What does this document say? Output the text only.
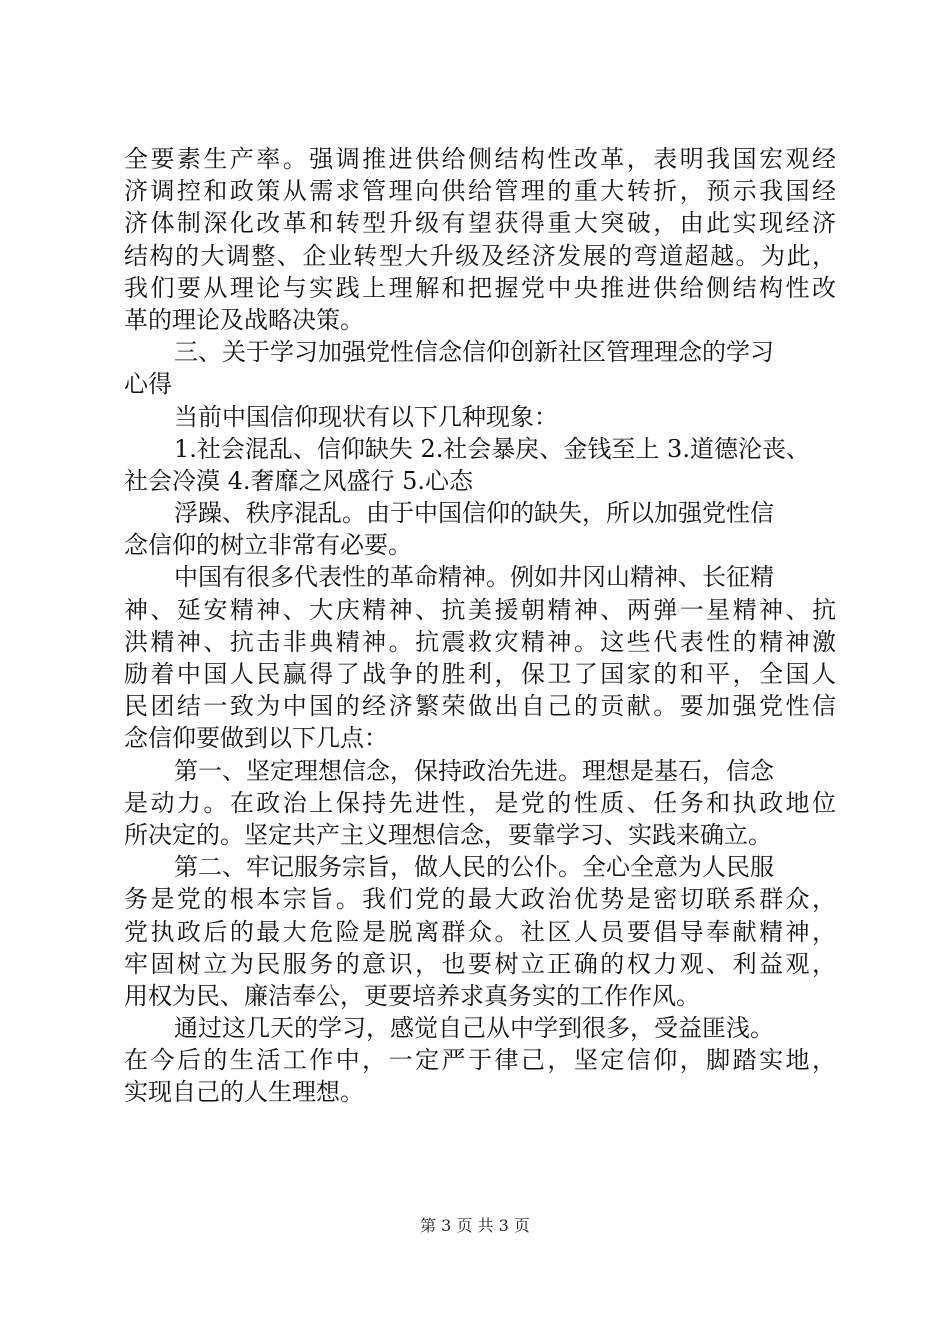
全要素生产率。强调推进供给侧结构性改革，表明我国宏观经
济调控和政策从需求管理向供给管理的重大转折，预示我国经
济体制深化改革和转型升级有望获得重大突破，由此实现经济
结构的大调整、企业转型大升级及经济发展的弯道超越。为此，
我们要从理论与实践上理解和把握党中央推进供给侧结构性改
革的理论及战略决策。
三、关于学习加强党性信念信仰创新社区管理理念的学习
心得
当前中国信仰现状有以下几种现象：
1.社会混乱、信仰缺失 2.社会暴戾、金钱至上 3.道德沦丧、
社会冷漠 4.奢靡之风盛行 5.心态
浮躁、秩序混乱。由于中国信仰的缺失，所以加强党性信
念信仰的树立非常有必要。
中国有很多代表性的革命精神。例如井冈山精神、长征精
神、延安精神、大庆精神、抗美援朝精神、两弹一星精神、抗
洪精神、抗击非典精神。抗震救灾精神。这些代表性的精神激
励着中国人民赢得了战争的胜利，保卫了国家的和平，全国人
民团结一致为中国的经济繁荣做出自己的贡献。要加强党性信
念信仰要做到以下几点：
第一、坚定理想信念，保持政治先进。理想是基石，信念
是动力。在政治上保持先进性，是党的性质、任务和执政地位
所决定的。坚定共产主义理想信念，要靠学习、实践来确立。
第二、牢记服务宗旨，做人民的公仆。全心全意为人民服
务是党的根本宗旨。我们党的最大政治优势是密切联系群众，
党执政后的最大危险是脱离群众。社区人员要倡导奉献精神，
牢固树立为民服务的意识，也要树立正确的权力观、利益观，
用权为民、廉洁奉公，更要培养求真务实的工作作风。
通过这几天的学习，感觉自己从中学到很多，受益匪浅。
在今后的生活工作中，一定严于律己，坚定信仰，脚踏实地，
实现自己的人生理想。
第 3 页 共 3 页
